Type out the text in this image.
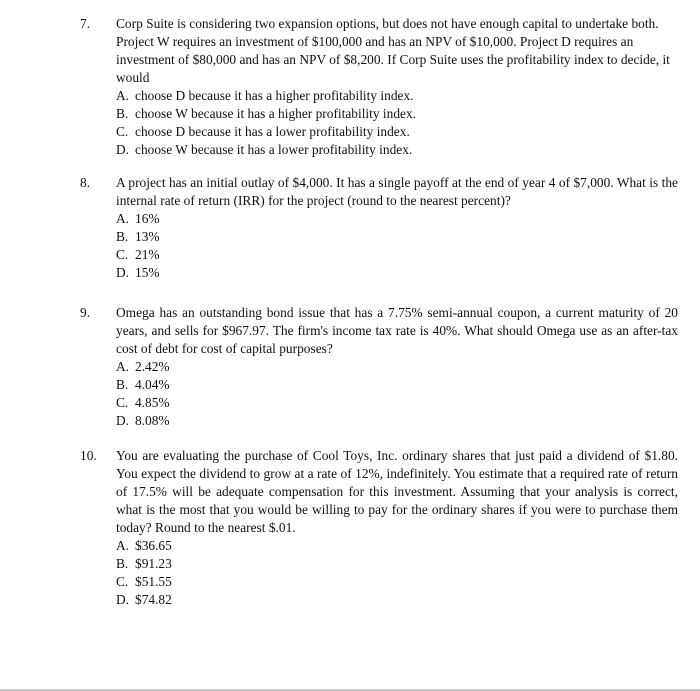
7. Corp Suite is considering two expansion options, but does not have enough capital to undertake both. Project W requires an investment of $100,000 and has an NPV of $10,000. Project D requires an investment of $80,000 and has an NPV of $8,200. If Corp Suite uses the profitability index to decide, it would

A. choose D because it has a higher profitability index.
B. choose W because it has a higher profitability index.
C. choose D because it has a lower profitability index.
D. choose W because it has a lower profitability index.
8. A project has an initial outlay of $4,000. It has a single payoff at the end of year 4 of $7,000. What is the internal rate of return (IRR) for the project (round to the nearest percent)?

A. 16%
B. 13%
C. 21%
D. 15%
9. Omega has an outstanding bond issue that has a 7.75% semi-annual coupon, a current maturity of 20 years, and sells for $967.97. The firm's income tax rate is 40%. What should Omega use as an after-tax cost of debt for cost of capital purposes?

A. 2.42%
B. 4.04%
C. 4.85%
D. 8.08%
10. You are evaluating the purchase of Cool Toys, Inc. ordinary shares that just paid a dividend of $1.80. You expect the dividend to grow at a rate of 12%, indefinitely. You estimate that a required rate of return of 17.5% will be adequate compensation for this investment. Assuming that your analysis is correct, what is the most that you would be willing to pay for the ordinary shares if you were to purchase them today? Round to the nearest $.01.

A. $36.65
B. $91.23
C. $51.55
D. $74.82
